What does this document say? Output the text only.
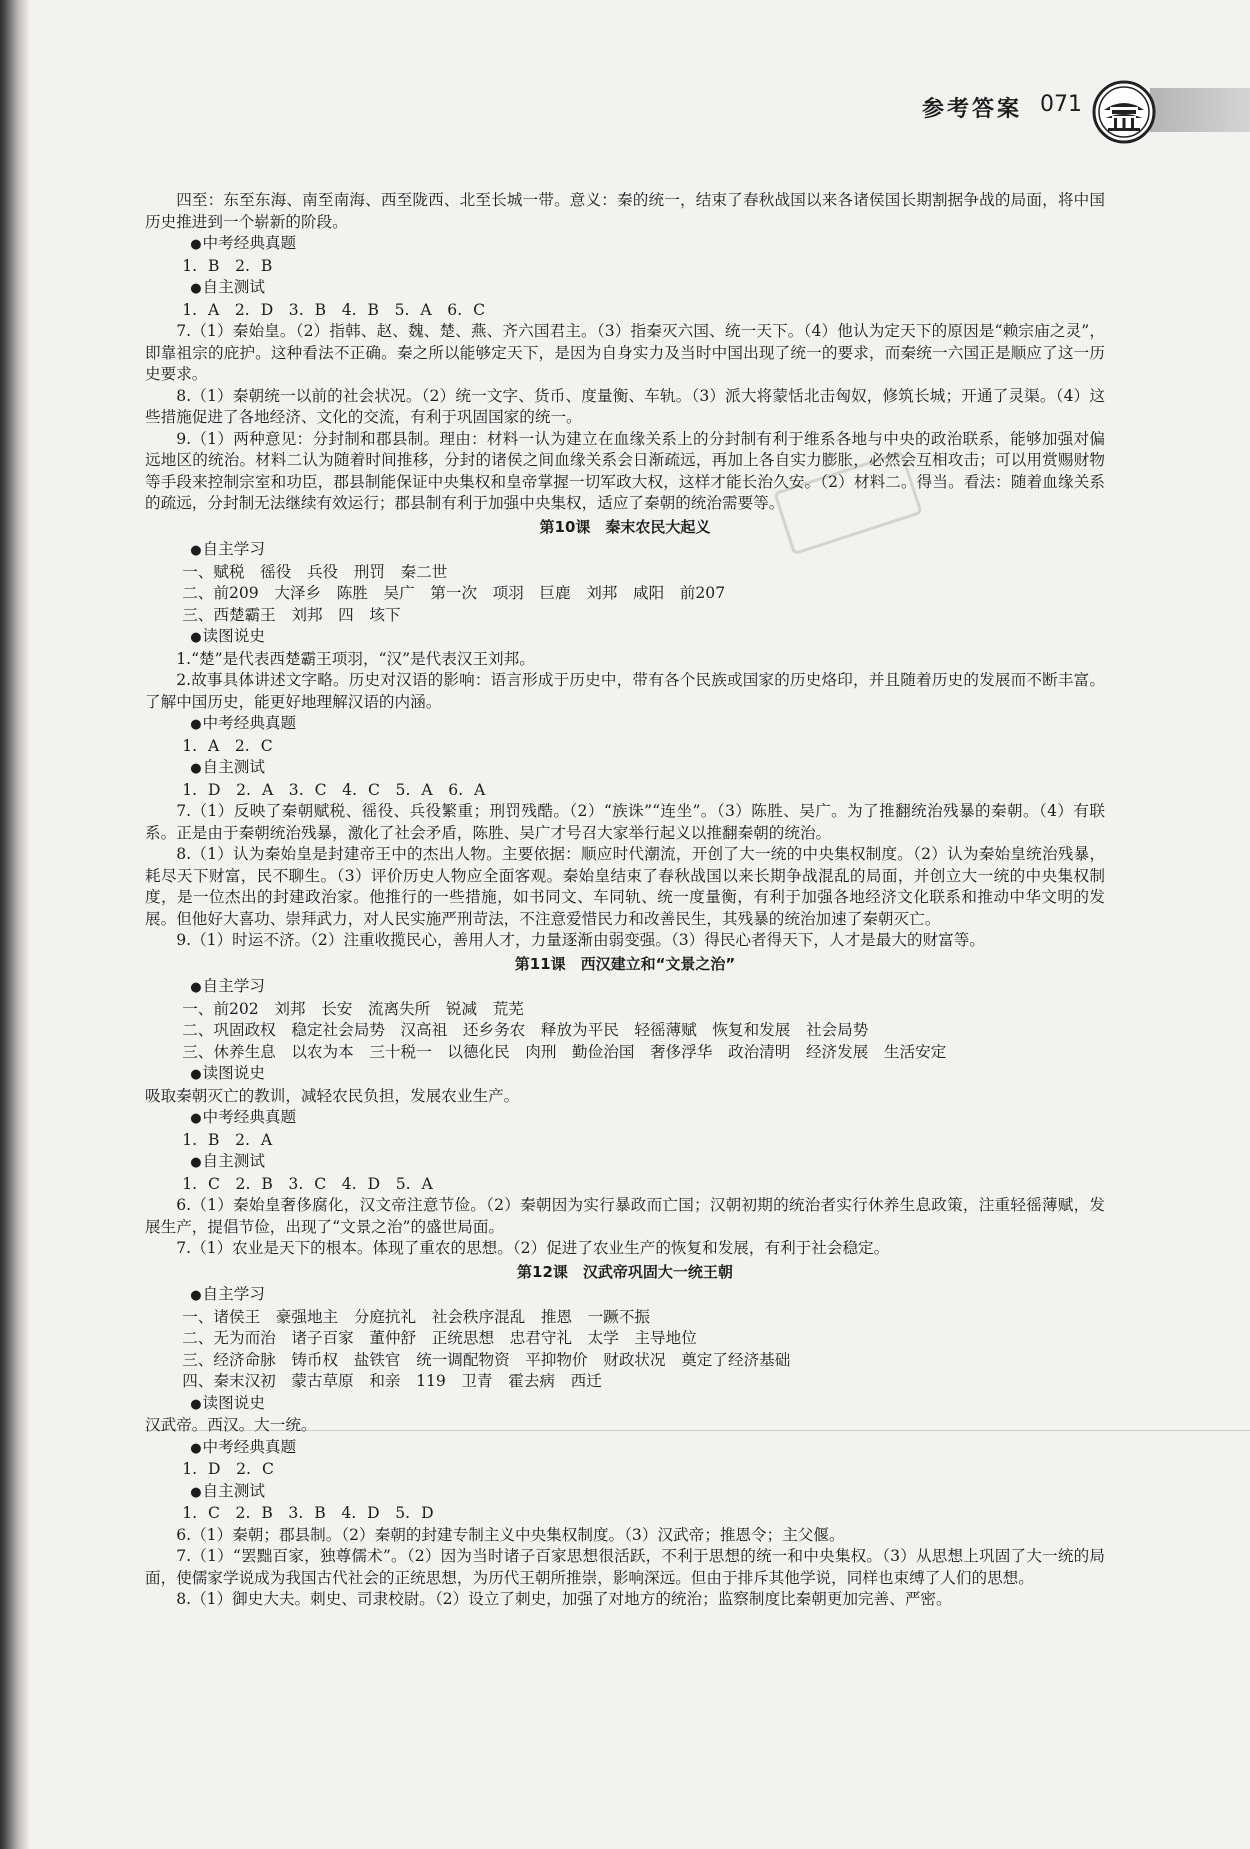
参考答案 071

四至：东至东海、南至南海、西至陇西、北至长城一带。意义：秦的统一，结束了春秋战国以来各诸侯国长期割据争战的局面，将中国历史推进到一个崭新的阶段。

● 中考经典真题

1. B　2. B

● 自主测试

1. A　2. D　3. B　4. B　5. A　6. C

7.（1）秦始皇。（2）指韩、赵、魏、楚、燕、齐六国君主。（3）指秦灭六国、统一天下。（4）他认为定天下的原因是“赖宗庙之灵”，即靠祖宗的庇护。这种看法不正确。秦之所以能够定天下，是因为自身实力及当时中国出现了统一的要求，而秦统一六国正是顺应了这一历史要求。

8.（1）秦朝统一以前的社会状况。（2）统一文字、货币、度量衡、车轨。（3）派大将蒙恬北击匈奴，修筑长城；开通了灵渠。（4）这些措施促进了各地经济、文化的交流，有利于巩固国家的统一。

9.（1）两种意见：分封制和郡县制。理由：材料一认为建立在血缘关系上的分封制有利于维系各地与中央的政治联系，能够加强对偏远地区的统治。材料二认为随着时间推移，分封的诸侯之间血缘关系会日渐疏远，再加上各自实力膨胀，必然会互相攻击；可以用赏赐财物等手段来控制宗室和功臣，郡县制能保证中央集权和皇帝掌握一切军政大权，这样才能长治久安。（2）材料二。得当。看法：随着血缘关系的疏远，分封制无法继续有效运行；郡县制有利于加强中央集权，适应了秦朝的统治需要等。

第10课　秦末农民大起义

● 自主学习

一、赋税　徭役　兵役　刑罚　秦二世

二、前209　大泽乡　陈胜　吴广　第一次　项羽　巨鹿　刘邦　咸阳　前207

三、西楚霸王　刘邦　四　垓下

● 读图说史

1.“楚”是代表西楚霸王项羽，“汉”是代表汉王刘邦。

2.故事具体讲述文字略。历史对汉语的影响：语言形成于历史中，带有各个民族或国家的历史烙印，并且随着历史的发展而不断丰富。了解中国历史，能更好地理解汉语的内涵。

● 中考经典真题

1. A　2. C

● 自主测试

1. D　2. A　3. C　4. C　5. A　6. A

7.（1）反映了秦朝赋税、徭役、兵役繁重；刑罚残酷。（2）“族诛”“连坐”。（3）陈胜、吴广。为了推翻统治残暴的秦朝。（4）有联系。正是由于秦朝统治残暴，激化了社会矛盾，陈胜、吴广才号召大家举行起义以推翻秦朝的统治。

8.（1）认为秦始皇是封建帝王中的杰出人物。主要依据：顺应时代潮流，开创了大一统的中央集权制度。（2）认为秦始皇统治残暴，耗尽天下财富，民不聊生。（3）评价历史人物应全面客观。秦始皇结束了春秋战国以来长期争战混乱的局面，并创立大一统的中央集权制度，是一位杰出的封建政治家。他推行的一些措施，如书同文、车同轨、统一度量衡，有利于加强各地经济文化联系和推动中华文明的发展。但他好大喜功、崇拜武力，对人民实施严刑苛法，不注意爱惜民力和改善民生，其残暴的统治加速了秦朝灭亡。

9.（1）时运不济。（2）注重收揽民心，善用人才，力量逐渐由弱变强。（3）得民心者得天下，人才是最大的财富等。

第11课　西汉建立和“文景之治”

● 自主学习

一、前202　刘邦　长安　流离失所　锐减　荒芜

二、巩固政权　稳定社会局势　汉高祖　还乡务农　释放为平民　轻徭薄赋　恢复和发展　社会局势

三、休养生息　以农为本　三十税一　以德化民　肉刑　勤俭治国　奢侈浮华　政治清明　经济发展　生活安定

● 读图说史

吸取秦朝灭亡的教训，减轻农民负担，发展农业生产。

● 中考经典真题

1. B　2. A

● 自主测试

1. C　2. B　3. C　4. D　5. A

6.（1）秦始皇奢侈腐化，汉文帝注意节俭。（2）秦朝因为实行暴政而亡国；汉朝初期的统治者实行休养生息政策，注重轻徭薄赋，发展生产，提倡节俭，出现了“文景之治”的盛世局面。

7.（1）农业是天下的根本。体现了重农的思想。（2）促进了农业生产的恢复和发展，有利于社会稳定。

第12课　汉武帝巩固大一统王朝

● 自主学习

一、诸侯王　豪强地主　分庭抗礼　社会秩序混乱　推恩　一蹶不振

二、无为而治　诸子百家　董仲舒　正统思想　忠君守礼　太学　主导地位

三、经济命脉　铸币权　盐铁官　统一调配物资　平抑物价　财政状况　奠定了经济基础

四、秦末汉初　蒙古草原　和亲　119　卫青　霍去病　西迁

● 读图说史

汉武帝。西汉。大一统。

● 中考经典真题

1. D　2. C

● 自主测试

1. C　2. B　3. B　4. D　5. D

6.（1）秦朝；郡县制。（2）秦朝的封建专制主义中央集权制度。（3）汉武帝；推恩令；主父偃。

7.（1）“罢黜百家，独尊儒术”。（2）因为当时诸子百家思想很活跃，不利于思想的统一和中央集权。（3）从思想上巩固了大一统的局面，使儒家学说成为我国古代社会的正统思想，为历代王朝所推崇，影响深远。但由于排斥其他学说，同样也束缚了人们的思想。

8.（1）御史大夫。刺史、司隶校尉。（2）设立了刺史，加强了对地方的统治；监察制度比秦朝更加完善、严密。
